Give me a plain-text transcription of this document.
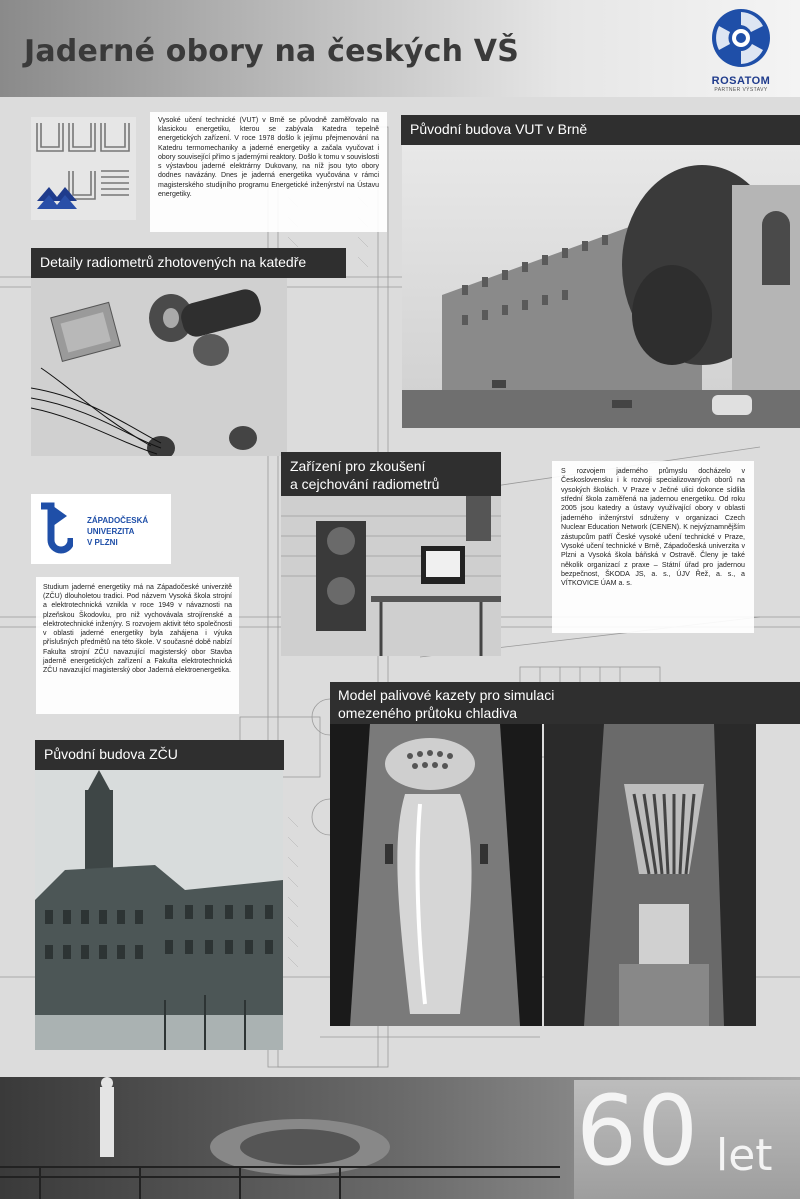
Jaderné obory na českých VŠ
ROSATOM
PARTNER VÝSTAVY
Vysoké učení technické (VUT) v Brně se původně zaměřovalo na klasickou energetiku, kterou se zabývala Katedra tepelně energetických zařízení. V roce 1978 došlo k jejímu přejmenování na Katedru termomechaniky a jaderné energetiky a začala vyučovat i obory související přímo s jadernými reaktory. Došlo k tomu v souvislosti s výstavbou jaderné elektrárny Dukovany, na níž jsou tyto obory dodnes navázány. Dnes je jaderná energetika vyučována v rámci magisterského studijního programu Energetické inženýrství na Ústavu energetiky.
Původní budova VUT v Brně
Detaily radiometrů zhotovených na katedře
Zařízení pro zkoušení
a cejchování radiometrů
S rozvojem jaderného průmyslu docházelo v Československu i k rozvoji specializovaných oborů na vysokých školách. V Praze v Ječné ulici dokonce sídlila střední škola zaměřená na jadernou energetiku. Od roku 2005 jsou katedry a ústavy využívající obory v oblasti jaderného inženýrství sdruženy v organizaci Czech Nuclear Education Network (CENEN). K nejvýznamnějším zástupcům patří České vysoké učení technické v Praze, Vysoké učení technické v Brně, Západočeská univerzita v Plzni a Vysoká škola báňská v Ostravě. Členy je také několik organizací z praxe – Státní úřad pro jadernou bezpečnost, ŠKODA JS, a. s., ÚJV Řež, a. s., a VÍTKOVICE ÚAM a. s.
ZÁPADOČESKÁ
UNIVERZITA
V PLZNI
Studium jaderné energetiky má na Západočeské univerzitě (ZČU) dlouholetou tradici. Pod názvem Vysoká škola strojní a elektrotechnická vznikla v roce 1949 v návaznosti na plzeňskou Škodovku, pro niž vychovávala strojírenské a elektrotechnické inženýry. S rozvojem aktivit této společnosti v oblasti jaderné energetiky byla zahájena i výuka příslušných předmětů na této škole. V současné době nabízí Fakulta strojní ZČU navazující magisterský obor Stavba jaderně energetických zařízení a Fakulta elektrotechnická ZČU navazující magisterský obor Jaderná elektroenergetika.
Model palivové kazety pro simulaci
omezeného průtoku chladiva
Původní budova ZČU
60 let
